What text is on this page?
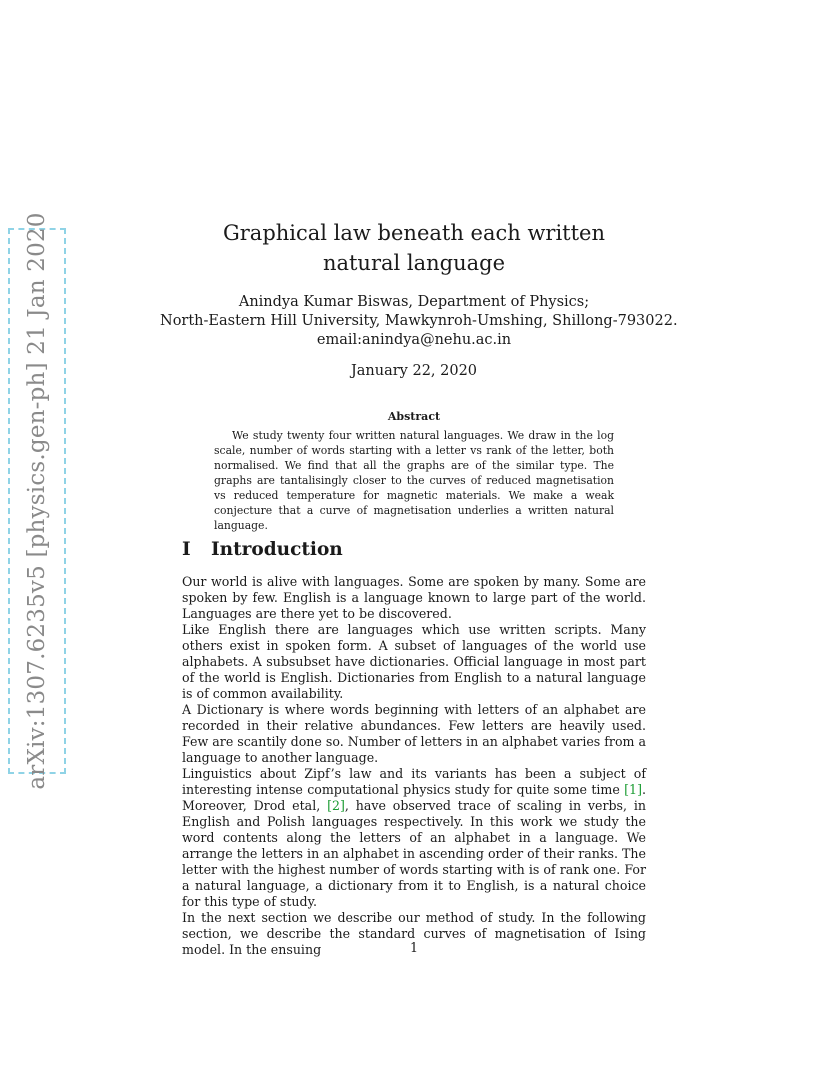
arXiv:1307.6235v5 [physics.gen-ph] 21 Jan 2020	Graphical law beneath each written natural language
Anindya Kumar Biswas, Department of Physics;
North-Eastern Hill University, Mawkynroh-Umshing, Shillong-793022.
email:anindya@nehu.ac.in
January 22, 2020
Abstract
We study twenty four written natural languages. We draw in the log scale, number of words starting with a letter vs rank of the letter, both normalised. We find that all the graphs are of the similar type. The graphs are tantalisingly closer to the curves of reduced magnetisation vs reduced temperature for magnetic materials. We make a weak conjecture that a curve of magnetisation underlies a written natural language.
I Introduction

Our world is alive with languages. Some are spoken by many. Some are spoken by few. English is a language known to large part of the world. Languages are there yet to be discovered.

Like English there are languages which use written scripts. Many others exist in spoken form. A subset of languages of the world use alphabets. A subsubset have dictionaries. Official language in most part of the world is English. Dictionaries from English to a natural language is of common availability.

A Dictionary is where words beginning with letters of an alphabet are recorded in their relative abundances. Few letters are heavily used. Few are scantily done so. Number of letters in an alphabet varies from a language to another language.

Linguistics about Zipf’s law and its variants has been a subject of interesting intense computational physics study for quite some time [1]. Moreover, Drod etal, [2], have observed trace of scaling in verbs, in English and Polish languages respectively. In this work we study the word contents along the letters of an alphabet in a language. We arrange the letters in an alphabet in ascending order of their ranks. The letter with the highest number of words starting with is of rank one. For a natural language, a dictionary from it to English, is a natural choice for this type of study.

In the next section we describe our method of study. In the following section, we describe the standard curves of magnetisation of Ising model. In the ensuing	1
